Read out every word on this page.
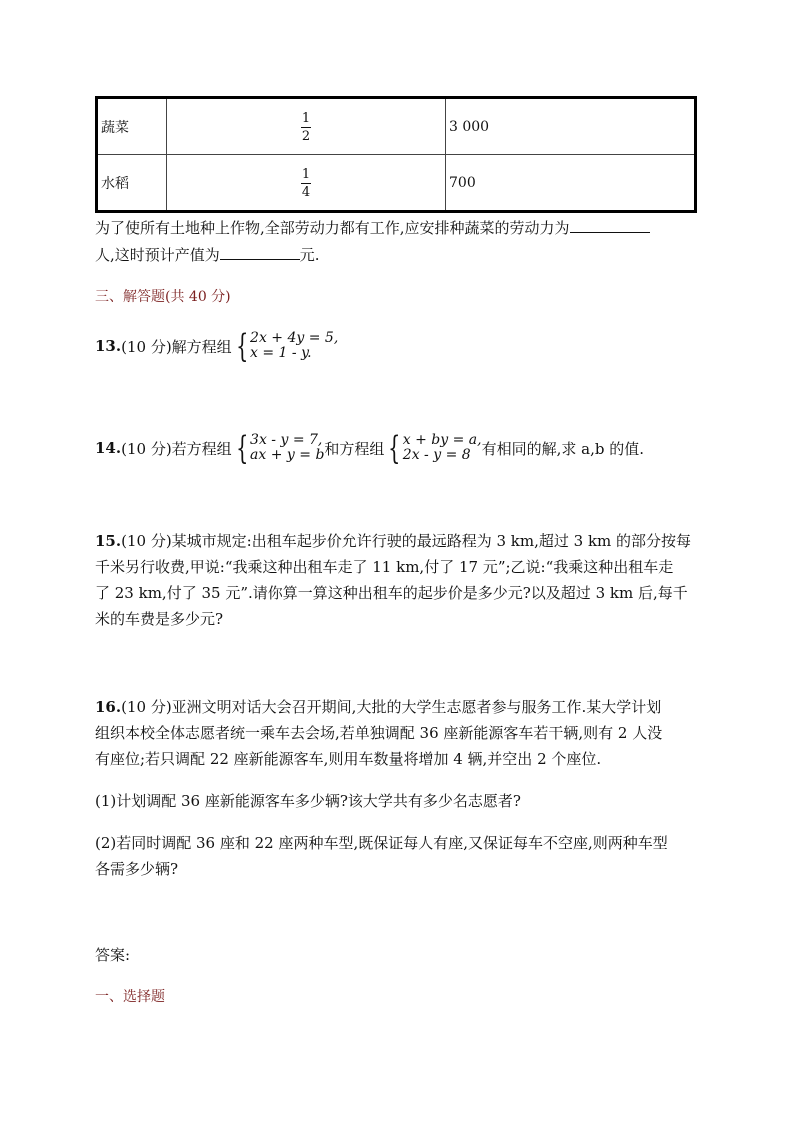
蔬菜	$\frac{1}{2}$	3 000
水稻	$\frac{1}{4}$	700
为了使所有土地种上作物,全部劳动力都有工作,应安排种蔬菜的劳动力为
人,这时预计产值为	元.
三、解答题(共 40 分)
13. (10 分)解方程组 { 2x + 4y = 5,
x = 1 - y.
14. (10 分)若方程组 { 3x - y = 7,
ax + y = b 和方程组 { x + by = a,
2x - y = 8 有相同的解,求 a,b 的值.
15.(10 分)某城市规定:出租车起步价允许行驶的最远路程为 3 km,超过 3 km 的部分按每
千米另行收费,甲说:“我乘这种出租车走了 11 km,付了 17 元”;乙说:“我乘这种出租车走
了 23 km,付了 35 元”.请你算一算这种出租车的起步价是多少元?以及超过 3 km 后,每千
米的车费是多少元?
16.(10 分)亚洲文明对话大会召开期间,大批的大学生志愿者参与服务工作.某大学计划
组织本校全体志愿者统一乘车去会场,若单独调配 36 座新能源客车若干辆,则有 2 人没
有座位;若只调配 22 座新能源客车,则用车数量将增加 4 辆,并空出 2 个座位.
(1)计划调配 36 座新能源客车多少辆?该大学共有多少名志愿者?
(2)若同时调配 36 座和 22 座两种车型,既保证每人有座,又保证每车不空座,则两种车型
各需多少辆?
答案:
一、选择题
